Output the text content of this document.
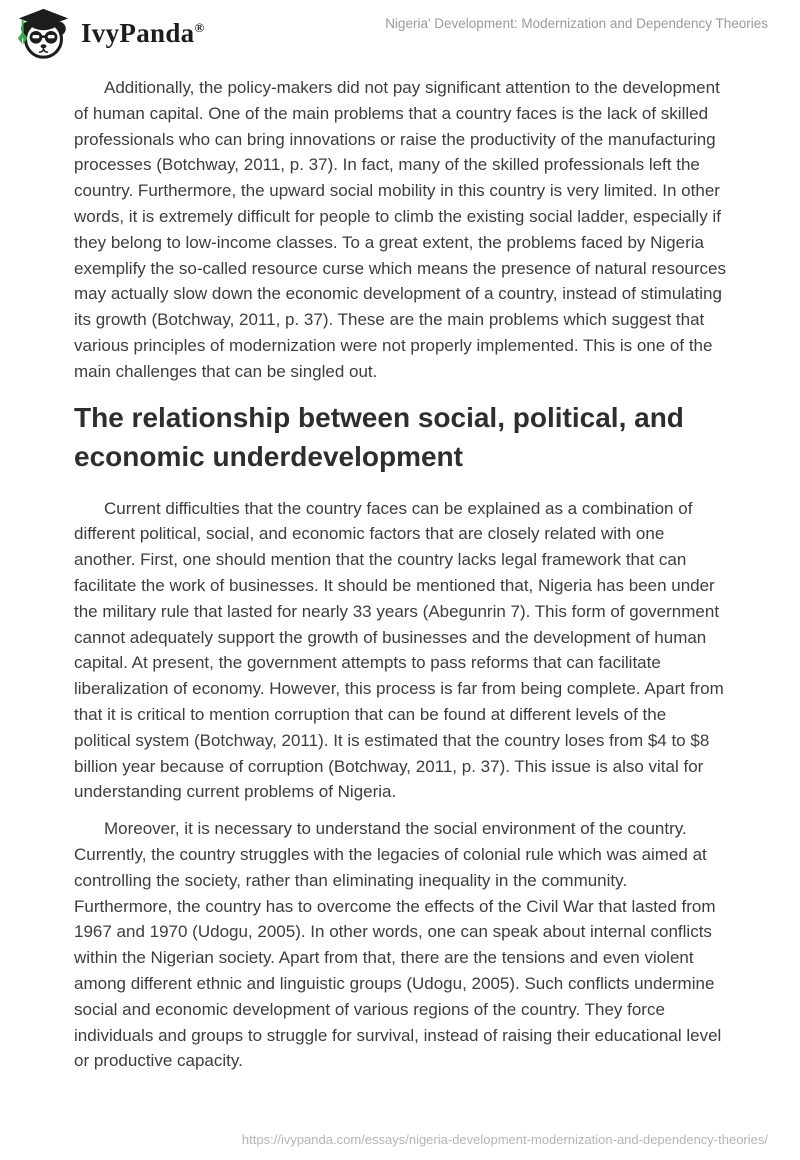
IvyPanda®	Nigeria' Development: Modernization and Dependency Theories

Additionally, the policy-makers did not pay significant attention to the development of human capital. One of the main problems that a country faces is the lack of skilled professionals who can bring innovations or raise the productivity of the manufacturing processes (Botchway, 2011, p. 37). In fact, many of the skilled professionals left the country. Furthermore, the upward social mobility in this country is very limited. In other words, it is extremely difficult for people to climb the existing social ladder, especially if they belong to low-income classes. To a great extent, the problems faced by Nigeria exemplify the so-called resource curse which means the presence of natural resources may actually slow down the economic development of a country, instead of stimulating its growth (Botchway, 2011, p. 37). These are the main problems which suggest that various principles of modernization were not properly implemented. This is one of the main challenges that can be singled out.

The relationship between social, political, and economic underdevelopment

Current difficulties that the country faces can be explained as a combination of different political, social, and economic factors that are closely related with one another. First, one should mention that the country lacks legal framework that can facilitate the work of businesses. It should be mentioned that, Nigeria has been under the military rule that lasted for nearly 33 years (Abegunrin 7). This form of government cannot adequately support the growth of businesses and the development of human capital. At present, the government attempts to pass reforms that can facilitate liberalization of economy. However, this process is far from being complete. Apart from that it is critical to mention corruption that can be found at different levels of the political system (Botchway, 2011). It is estimated that the country loses from $4 to $8 billion year because of corruption (Botchway, 2011, p. 37). This issue is also vital for understanding current problems of Nigeria.

Moreover, it is necessary to understand the social environment of the country. Currently, the country struggles with the legacies of colonial rule which was aimed at controlling the society, rather than eliminating inequality in the community. Furthermore, the country has to overcome the effects of the Civil War that lasted from 1967 and 1970 (Udogu, 2005). In other words, one can speak about internal conflicts within the Nigerian society. Apart from that, there are the tensions and even violent among different ethnic and linguistic groups (Udogu, 2005). Such conflicts undermine social and economic development of various regions of the country. They force individuals and groups to struggle for survival, instead of raising their educational level or productive capacity.

https://ivypanda.com/essays/nigeria-development-modernization-and-dependency-theories/
